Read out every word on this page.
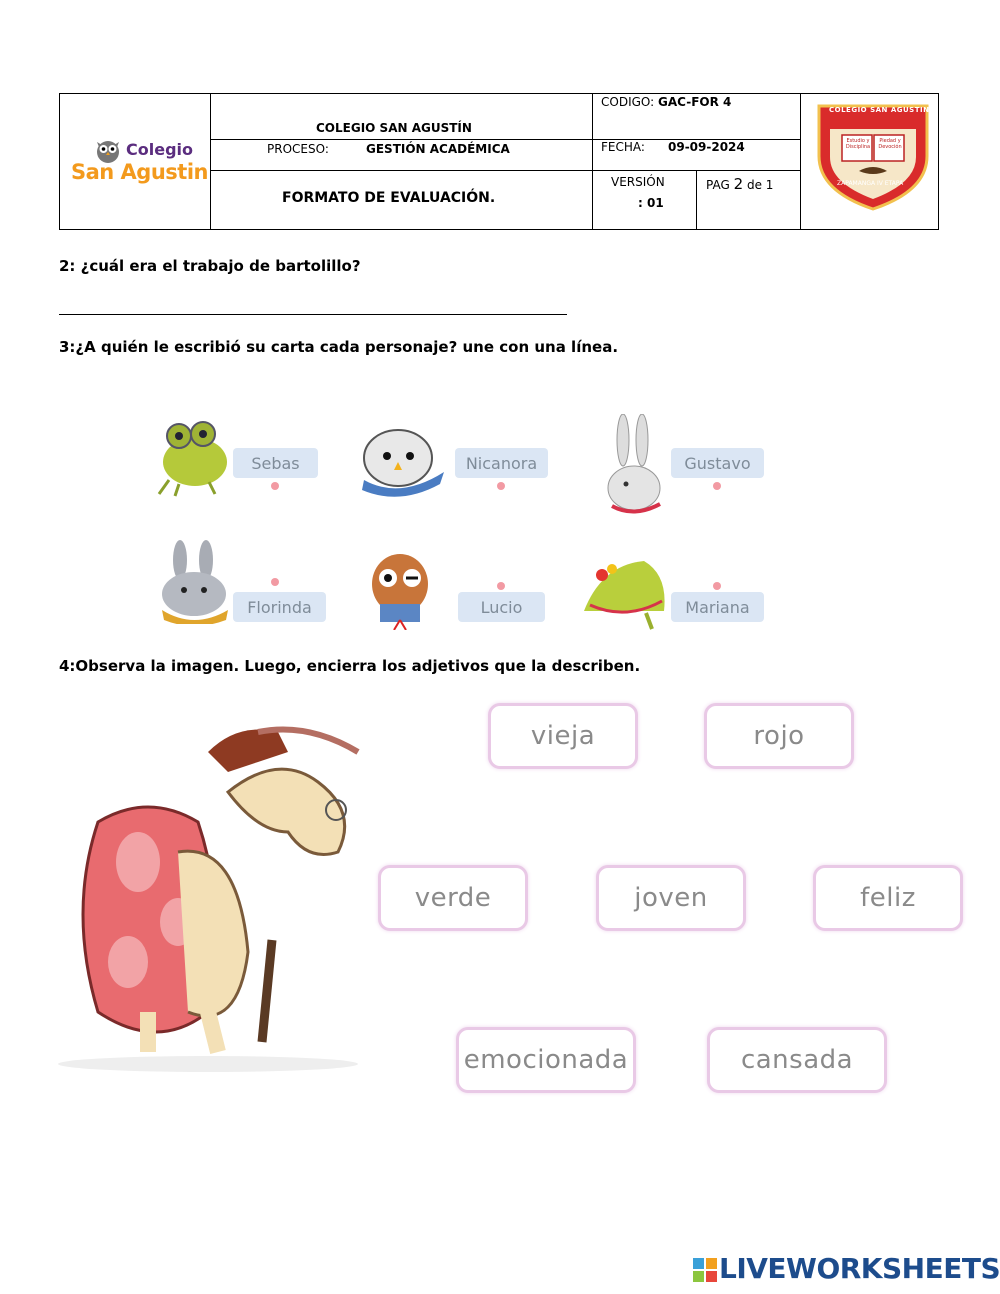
Colegio
San Agustin
COLEGIO SAN AGUSTÍN
PROCESO:	GESTIÓN ACADÉMICA
FORMATO DE EVALUACIÓN.
CODIGO: GAC-FOR 4
FECHA: 09-09-2024
VERSIÓN
: 01
PAG 2 de 1
COLEGIO SAN AGUSTIN
Estudio y Disciplina
Piedad y Devoción
ZAPAMANGA IV ETAPA
2: ¿cuál era el trabajo de bartolillo?
3:¿A quién le escribió su carta cada personaje? une con una línea.
Sebas	Nicanora	Gustavo
Florinda	Lucio	Mariana
4:Observa la imagen. Luego, encierra los adjetivos que la describen.
vieja	rojo
verde	joven	feliz
emocionada	cansada
LIVEWORKSHEETS
